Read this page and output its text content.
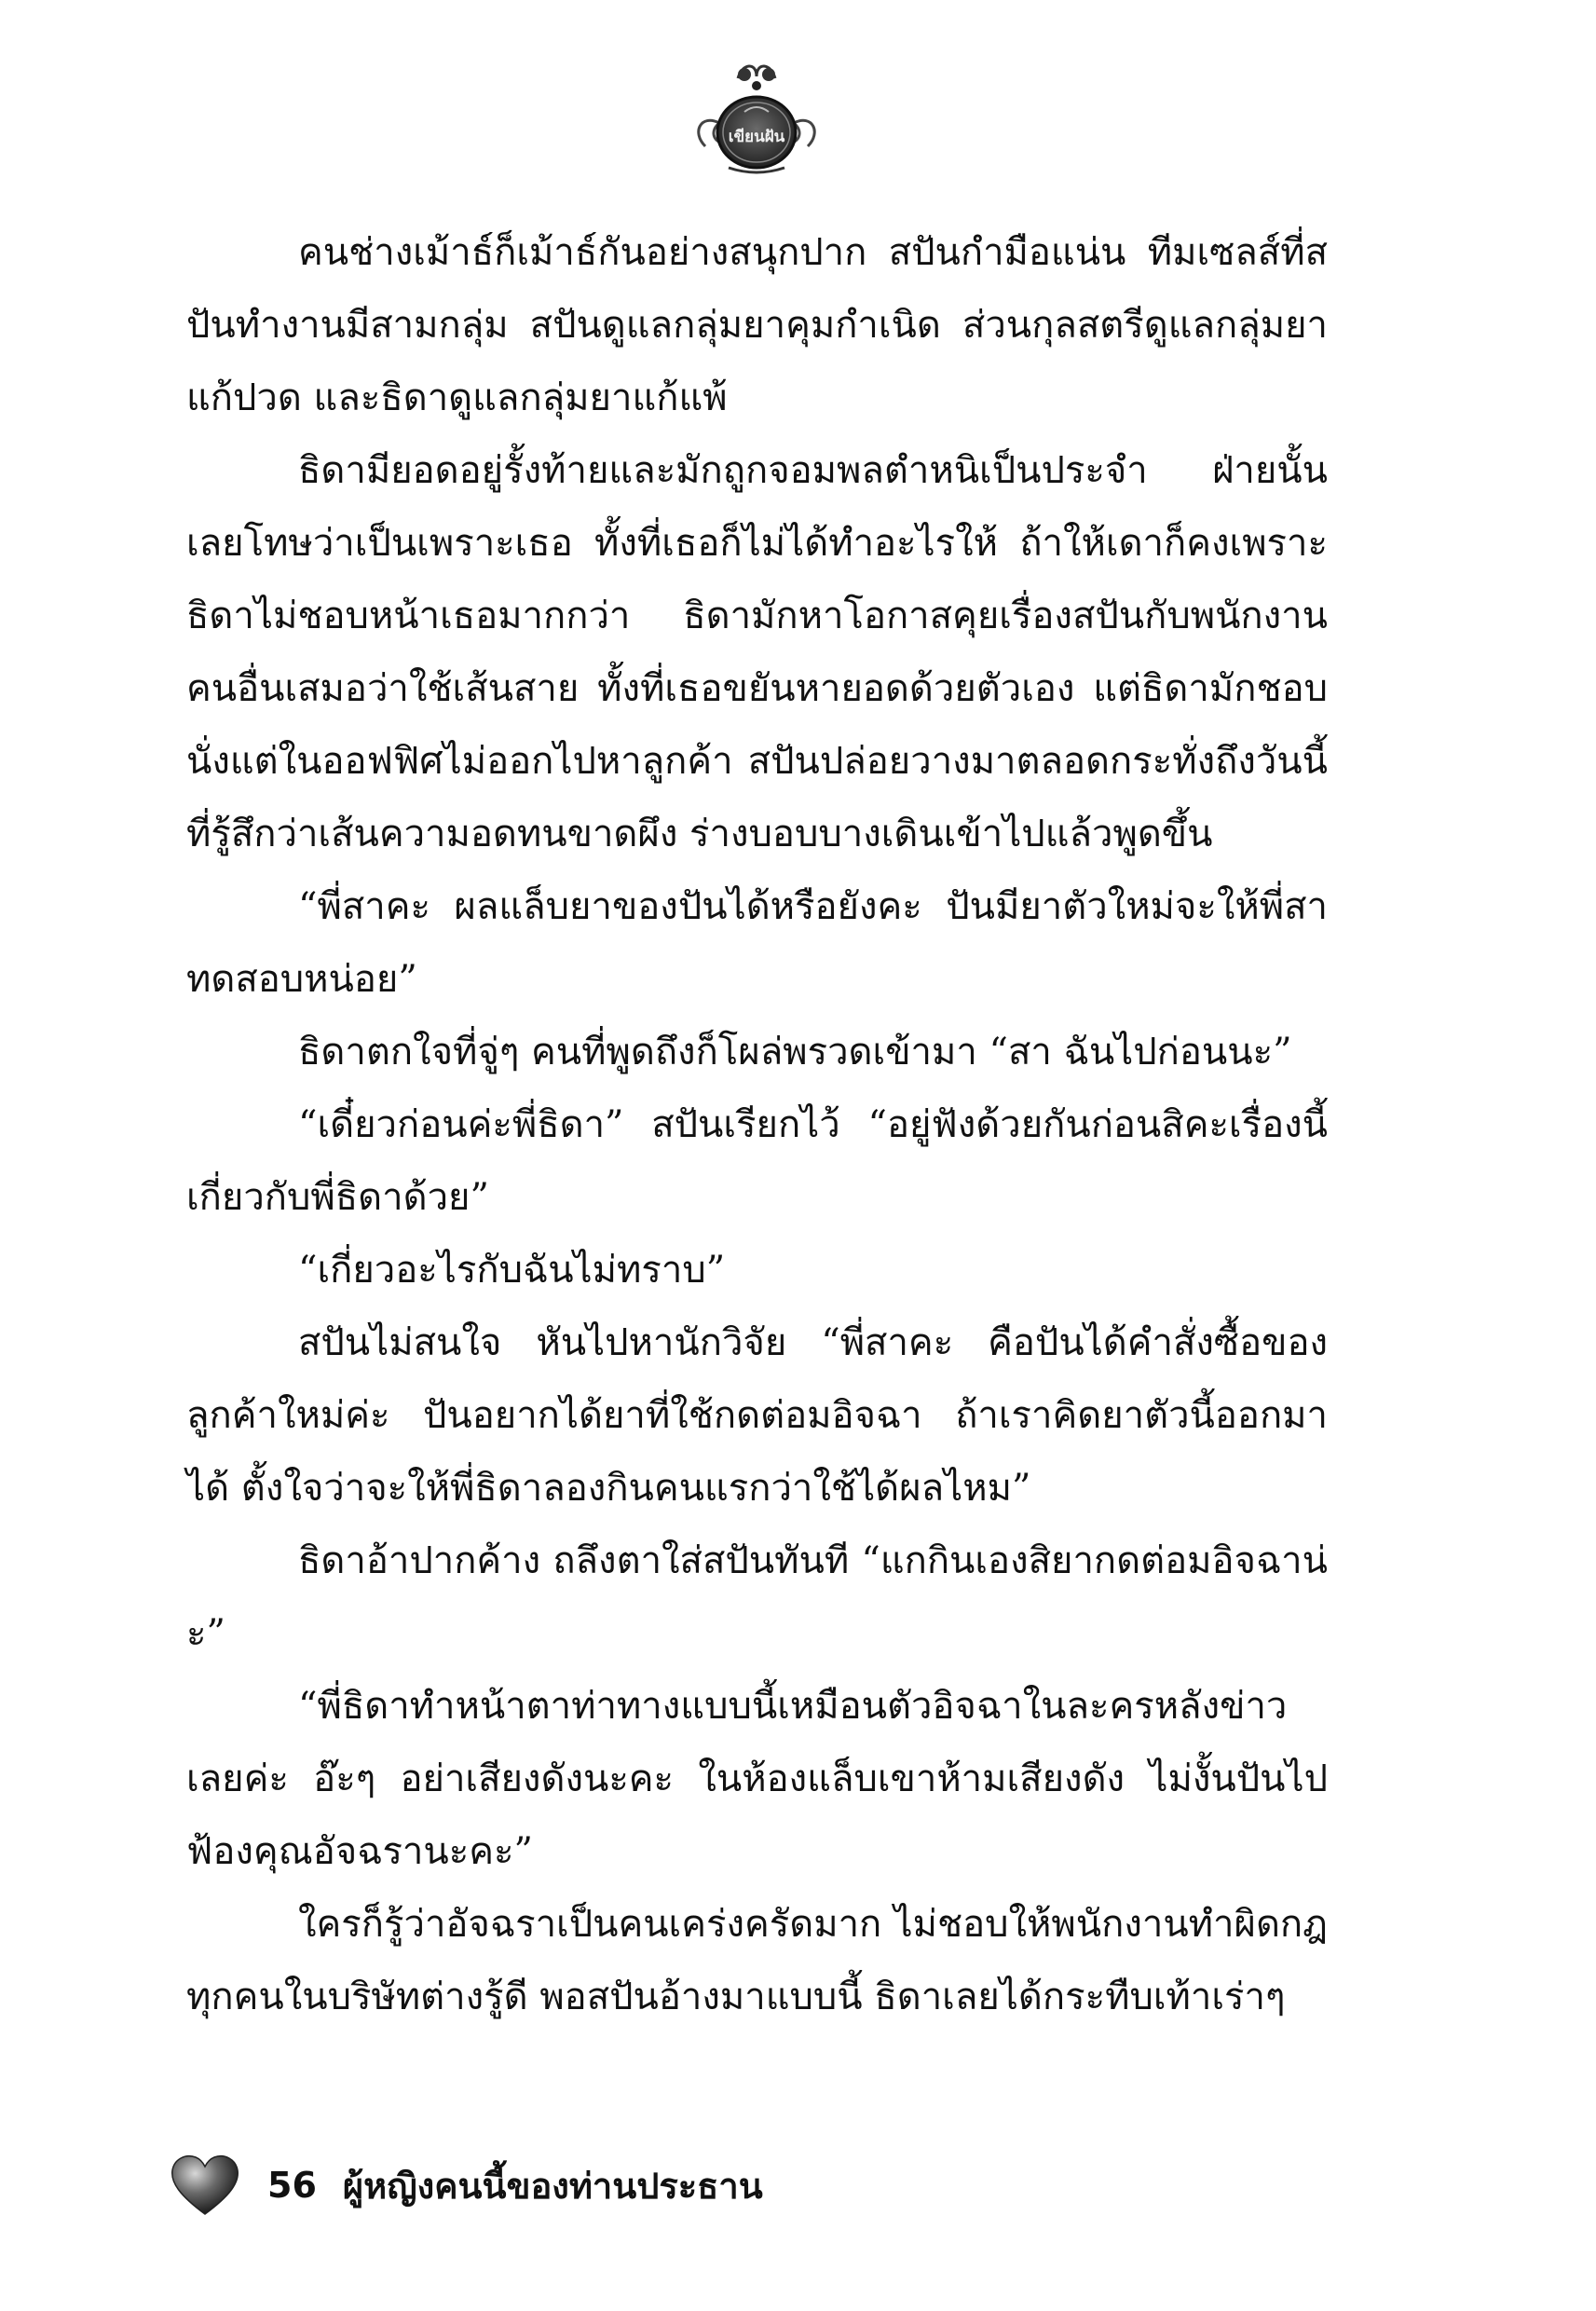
เขียนฝัน

คนช่างเม้าธ์ก็เม้าธ์กันอย่างสนุกปาก สปันกำมือแน่น ทีมเซลส์ที่สปันทำงานมีสามกลุ่ม สปันดูแลกลุ่มยาคุมกำเนิด ส่วนกุลสตรีดูแลกลุ่มยาแก้ปวด และธิดาดูแลกลุ่มยาแก้แพ้

ธิดามียอดอยู่รั้งท้ายและมักถูกจอมพลตำหนิเป็นประจำ ฝ่ายนั้นเลยโทษว่าเป็นเพราะเธอ ทั้งที่เธอก็ไม่ได้ทำอะไรให้ ถ้าให้เดาก็คงเพราะธิดาไม่ชอบหน้าเธอมากกว่า ธิดามักหาโอกาสคุยเรื่องสปันกับพนักงานคนอื่นเสมอว่าใช้เส้นสาย ทั้งที่เธอขยันหายอดด้วยตัวเอง แต่ธิดามักชอบนั่งแต่ในออฟฟิศไม่ออกไปหาลูกค้า สปันปล่อยวางมาตลอดกระทั่งถึงวันนี้ที่รู้สึกว่าเส้นความอดทนขาดผึง ร่างบอบบางเดินเข้าไปแล้วพูดขึ้น

“พี่สาคะ ผลแล็บยาของปันได้หรือยังคะ ปันมียาตัวใหม่จะให้พี่สาทดสอบหน่อย”

ธิดาตกใจที่จู่ๆ คนที่พูดถึงก็โผล่พรวดเข้ามา “สา ฉันไปก่อนนะ”

“เดี๋ยวก่อนค่ะพี่ธิดา” สปันเรียกไว้ “อยู่ฟังด้วยกันก่อนสิคะเรื่องนี้เกี่ยวกับพี่ธิดาด้วย”

“เกี่ยวอะไรกับฉันไม่ทราบ”

สปันไม่สนใจ หันไปหานักวิจัย “พี่สาคะ คือปันได้คำสั่งซื้อของลูกค้าใหม่ค่ะ ปันอยากได้ยาที่ใช้กดต่อมอิจฉา ถ้าเราคิดยาตัวนี้ออกมาได้ ตั้งใจว่าจะให้พี่ธิดาลองกินคนแรกว่าใช้ได้ผลไหม”

ธิดาอ้าปากค้าง ถลึงตาใส่สปันทันที “แกกินเองสิยากดต่อมอิจฉาน่ะ”

“พี่ธิดาทำหน้าตาท่าทางแบบนี้เหมือนตัวอิจฉาในละครหลังข่าวเลยค่ะ อ๊ะๆ อย่าเสียงดังนะคะ ในห้องแล็บเขาห้ามเสียงดัง ไม่งั้นปันไปฟ้องคุณอัจฉรานะคะ”

ใครก็รู้ว่าอัจฉราเป็นคนเคร่งครัดมาก ไม่ชอบให้พนักงานทำผิดกฎทุกคนในบริษัทต่างรู้ดี พอสปันอ้างมาแบบนี้ ธิดาเลยได้กระทืบเท้าเร่าๆ

56 ผู้หญิงคนนี้ของท่านประธาน
